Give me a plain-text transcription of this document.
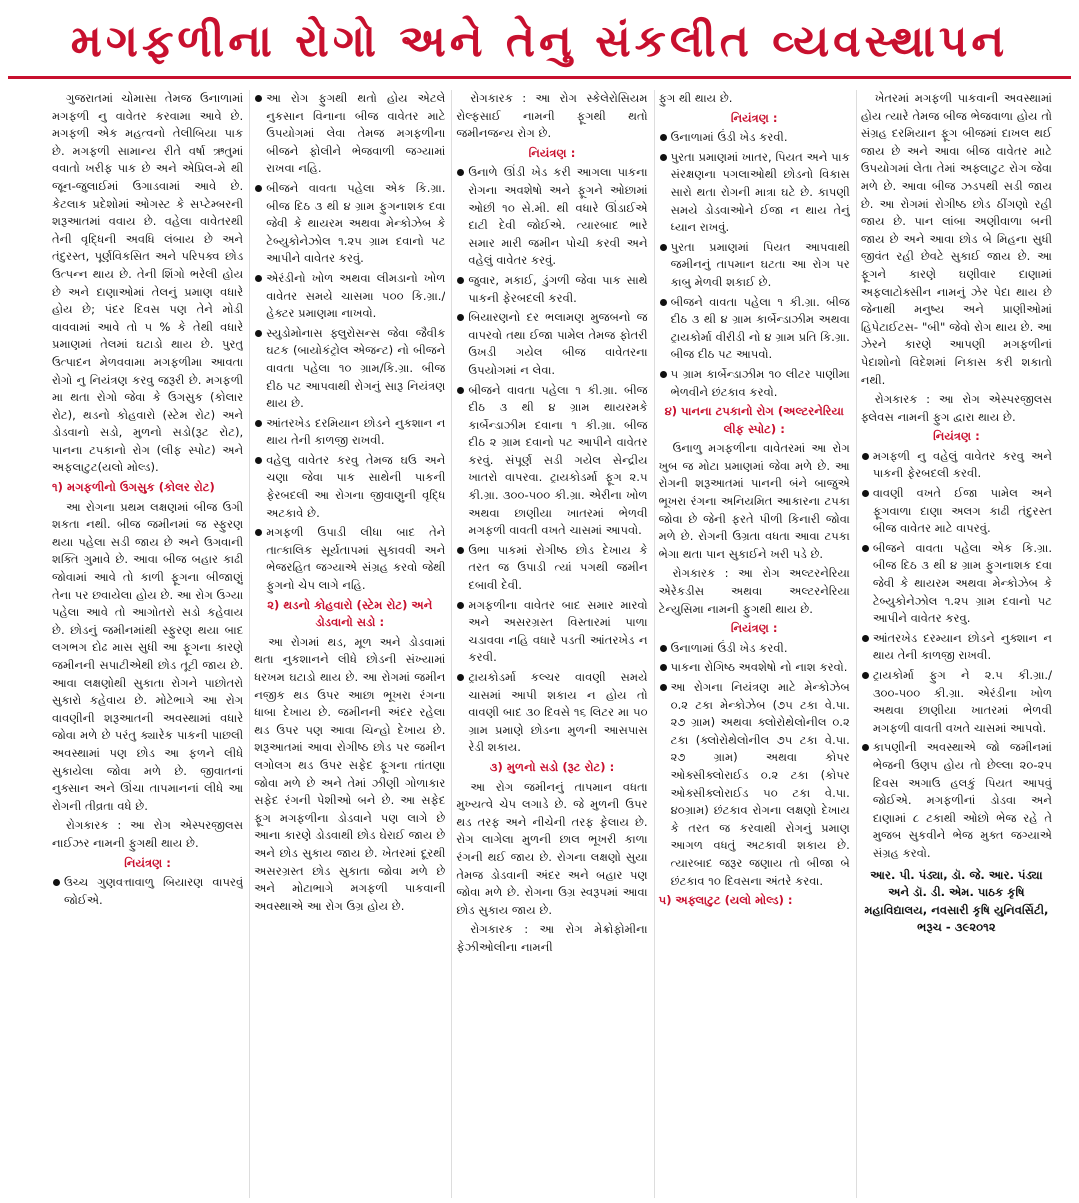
મગફળીના રોગો અને તેનુ સંકલીત વ્યવસ્થાપન

ગુજરાતમાં ચોમાસા તેમજ ઉનાળામાં મગફળી નુ વાવેતર કરવામા આવે છે. મગફળી એક મહત્વનો તેલીબિયા પાક છે. મગફળી સામાન્ય રીતે વર્ષા ઋતુમાં વવાતો ખરીફ પાક છે અને એપ્રિલ-મે થી જૂન-જુલાઈમાં ઉગાડવામાં આવે છે. કેટલાક પ્રદેશોમાં ઓગસ્ટ કે સપ્ટેમ્બરની શરૂઆતમાં વવાય છે. વહેલા વાવેતરથી તેની વૃદ્ધિની અવધિ લંબાય છે અને તંદુરસ્ત, પૂર્ણવિકસિત અને પરિપક્વ છોડ ઉત્પન્ન થાય છે. તેની શિંગો ભરેલી હોય છે અને દાણાઓમાં તેલનું પ્રમાણ વધારે હોય છે; પંદર દિવસ પણ તેને મોડી વાવવામાં આવે તો ૫ % કે તેથી વધારે પ્રમાણમાં તેલમાં ઘટાડો થાય છે. પુરતુ ઉત્પાદન મેળવવામા મગફળીમા આવતા રોગો નુ નિયંત્રણ કરવુ જરૂરી છે. મગફળી મા થતા રોગો જેવા કે ઉગસુક (કોલાર રોટ), થડનો કોહવારો (સ્ટેમ રોટ) અને ડોડવાનો સડો, મુળનો સડો(રૂટ રોટ), પાનના ટપકાનો રોગ (લીફ સ્પોટ) અને અફલાટુટ(યલો મોલ્ડ).

૧) મગફળીનો ઉગસુક (કોલર રોટ)

આ રોગના પ્રથમ લક્ષણમાં બીજ ઉગી શકતા નથી. બીજ જમીનમાં જ સ્ફુરણ થયા પહેલા સડી જાય છે અને ઉગવાની શક્તિ ગુમાવે છે. આવા બીજ બહાર કાઢી જોવામાં આવે તો કાળી ફૂગના બીજાણું તેના પર છવાયેલા હોય છે. આ રોગ ઉગ્યા પહેલા આવે તો આગોતરો સડો કહેવાય છે. છોડનું જમીનમાંથી સ્ફુરણ થયા બાદ લગભગ દોઢ માસ સુધી આ ફૂગના કારણે જમીનની સપાટીએથી છોડ તૂટી જાય છે. આવા લક્ષણોથી સુકાતા રોગને પાછોતરો સુકારો કહેવાય છે. મોટેભાગે આ રોગ વાવણીની શરૂઆતની અવસ્થામાં વધારે જોવા મળે છે પરંતુ ક્યારેક પાકની પાછલી અવસ્થામાં પણ છોડ આ ફળને લીધે સુકાયેલા જોવા મળે છે. જીવાતનાં નુક્સાન અને ઊંચા તાપમાનનાં લીધે આ રોગની તીવ્રતા વધે છે.

રોગકારક : આ રોગ એસ્પરજીલસ નાઈઝર નામની ફુગથી થાય છે.

નિયંત્રણ :
ઉચ્ચ ગુણવત્તાવાળુ બિયારણ વાપરવું જોઈએ.
આ રોગ ફુગથી થતો હોય એટલે નુકસાન વિનાના બીજ વાવેતર માટે ઉપયોગમાં લેવા તેમજ મગફળીના બીજને ફોલીને ભેજવાળી જગ્યામાં રાખવા નહિ.
બીજને વાવતા પહેલા એક કિ.ગ્રા. બીજ દિઠ ૩ થી ૪ ગ્રામ ફુગનાશક દવા જેવી કે થાયરમ અથવા મેન્કોઝેબ કે ટેબ્યુકોનેઝોલ ૧.૨૫ ગ્રામ દવાનો પટ આપીને વાવેતર કરવું.
એરંડીનો ખોળ અથવા લીમડાનો ખોળ વાવેતર સમયે ચાસમા ૫૦૦ કિ.ગ્રા./ હેક્ટર પ્રમાણમા નાખવો.
સ્યુડોમોનાસ ફ્લુરોસન્સ જેવા જૈવીક ઘટક (બાયોકંટ્રોલ એજન્ટ) નો બીજને વાવતા પહેલા ૧૦ ગ્રામ/કિ.ગ્રા. બીજ દીઠ પટ આપવાથી રોગનું સારૂ નિયંત્રણ થાય છે.
આંતરખેડ દરમિયાન છોડને નુકશાન ન થાય તેની કાળજી રાખવી.
વહેલુ વાવેતર કરવુ તેમજ ઘઉ અને ચણા જેવા પાક સાથેની પાકની ફેરબદલી આ રોગના જીવાણુની વૃદ્ધિ અટકાવે છે.
મગફળી ઉપાડી લીધા બાદ તેને તાત્કાલિક સૂર્યતાપમાં સુકાવવી અને ભેજરહિત જગ્યાએ સંગ્રહ કરવો જેથી ફુગનો ચેપ લાગે નહિ.
૨) થડનો કોહવારો (સ્ટેમ રોટ) અને ડોડવાનો સડો :

આ રોગમાં થડ, મૂળ અને ડોડવામાં થતા નુકશાનને લીધે છોડની સંખ્યામાં ધરખમ ઘટાડો થાય છે. આ રોગમાં જમીન નજીક થડ ઉપર આછા ભૂખરા રંગના ધાબા દેખાય છે. જમીનની અંદર રહેલા થડ ઉપર પણ આવા ચિન્હો દેખાય છે. શરૂઆતમાં આવા રોગીષ્ઠ છોડ પર જમીન લગોલગ થડ ઉપર સફેદ ફૂગના તાંતણા જોવા મળે છે અને તેમાં ઝીણી ગોળાકાર સફેદ રંગની પેશીઓ બને છે. આ સફેદ ફૂગ મગફળીના ડોડવાને પણ લાગે છે આના કારણે ડોડવાથી છોડ ઘેરાઈ જાય છે અને છોડ સુકાય જાય છે. ખેતરમાં દૂરથી અસરગ્રસ્ત છોડ સુકાતા જોવા મળે છે અને મોટાભાગે મગફળી પાકવાની અવસ્થાએ આ રોગ ઉગ્ર હોય છે.

રોગકારક : આ રોગ સ્કેલેરોસિયમ રોલ્ફસાઈ નામની ફૂગથી થતો જમીનજન્ય રોગ છે.

નિયંત્રણ :
ઉનાળે ઊંડી ખેડ કરી આગલા પાકના રોગના અવશેષો અને ફૂગને ઓછામાં ઓછી ૧૦ સે.મી. થી વધારે ઊંડાઈએ દાટી દેવી જોઈએ. ત્યારબાદ ભારે સમાર મારી જમીન પોચી કરવી અને વહેલું વાવેતર કરવું.
જુવાર, મકાઈ, ડુંગળી જેવા પાક સાથે પાકની ફેરબદલી કરવી.
બિયારણનો દર ભલામણ મુજબનો જ વાપરવો તથા ઈજા પામેલ તેમજ ફોતરી ઉખડી ગયેલ બીજ વાવેતરના ઉપયોગમાં ન લેવા.
બીજને વાવતા પહેલા ૧ કી.ગ્રા. બીજ દીઠ ૩ થી ૪ ગ્રામ થાયરમકે કાર્બેન્ડાઝીમ દવાના ૧ કી.ગ્રા. બીજ દીઠ ૨ ગ્રામ દવાનો પટ આપીને વાવેતર કરવું. સંપૂર્ણ સડી ગયેલ સેન્દ્રીય ખાતરો વાપરવા. ટ્રાયકોડર્મા ફૂગ ૨.૫ કી.ગ્રા. ૩૦૦-૫૦૦ કી.ગ્રા. એરીના ખોળ અથવા છાણીયા ખાતરમાં ભેળવી મગફળી વાવતી વખતે ચાસમાં આપવો.
ઉભા પાકમાં રોગીષ્ઠ છોડ દેખાય કે તરત જ ઉપાડી ત્યાં પગથી જમીન દબાવી દેવી.
મગફળીના વાવેતર બાદ સમાર મારવો અને અસરગ્રસ્ત વિસ્તારમાં પાળા ચડાવવા નહિ વધારે પડતી આંતરખેડ ન કરવી.
ટ્રાયકોડર્મા કલ્ચર વાવણી સમયે ચાસમાં આપી શકાય ન હોય તો વાવણી બાદ ૩૦ દિવસે ૧૬ લિટર મા ૫૦ ગ્રામ પ્રમાણે છોડના મુળની આસપાસ રેડી શકાય.
૩) મુળનો સડો (રૂટ રોટ) :

આ રોગ જમીનનું તાપમાન વધતા મુખ્યત્વે ચેપ લગાડે છે. જે મુળની ઉપર થડ તરફ અને નીચેની તરફ ફેલાય છે. રોગ લાગેલા મુળની છાલ ભૂખરી કાળા રંગની થઈ જાય છે. રોગના લક્ષણો સુયા તેમજ ડોડવાની અંદર અને બહાર પણ જોવા મળે છે. રોગના ઉગ્ર સ્વરૂપમાં આવા છોડ સુકાય જાય છે.

રોગકારક : આ રોગ મેક્રોફોમીના ફેઝીઓલીના નામની

ફુગ થી થાય છે.

નિયંત્રણ :
ઉનાળામાં ઉંડી ખેડ કરવી.
પુરતા પ્રમાણમાં ખાતર, પિયત અને પાક સંરક્ષણના પગલાઓથી છોડનો વિકાસ સારો થતા રોગની માત્રા ઘટે છે. કાપણી સમયે ડોડવાઓને ઈજા ન થાય તેનું ધ્યાન રાખવું.
પુરતા પ્રમાણમાં પિયત આપવાથી જમીનનું તાપમાન ઘટતા આ રોગ પર કાબુ મેળવી શકાઈ છે.
બીજને વાવતા પહેલા ૧ કી.ગ્રા. બીજ દીઠ ૩ થી ૪ ગ્રામ કાર્બેન્ડાઝીમ અથવા ટ્રાયકોર્મા વીરીડી નો ૪ ગ્રામ પ્રતિ કિ.ગ્રા. બીજ દીઠ પટ આપવો.
૫ ગ્રામ કાર્બેન્ડાઝીમ ૧૦ લીટર પાણીમા ભેળવીને છંટકાવ કરવો.
૪) પાનના ટપકાનો રોગ (અલ્ટરનેરિયા લીફ સ્પોટ) :

ઉનાળુ મગફળીના વાવેતરમાં આ રોગ ખુબ જ મોટા પ્રમાણમાં જેવા મળે છે. આ રોગની શરૂઆતમાં પાનની બંને બાજુએ ભૂખરા રંગના અનિયમિત આકારના ટપકા જોવા છે જેની ફરતે પીળી કિનારી જોવા મળે છે. રોગની ઉગ્રતા વધતા આવા ટપકા ભેગા થતા પાન સુકાઈને ખરી પડે છે.

રોગકારક : આ રોગ અલ્ટરનેરિયા એરેકડીસ અથવા અલ્ટરનેરિયા ટેન્યુસિમા નામની ફુગથી થાય છે.

નિયંત્રણ :
ઉનાળામાં ઉંડી ખેડ કરવી.
પાકના રોગિષ્ઠ અવશેષો નો નાશ કરવો.
આ રોગના નિયંત્રણ માટે મેન્કોઝેબ ૦.૨ ટકા મેન્કોઝેબ (૭૫ ટકા વે.પા. ૨૭ ગ્રામ) અથવા ક્લોરોથેલોનીલ ૦.૨ ટકા (ક્લોરોથેલોનીલ ૭૫ ટકા વે.પા. ૨૭ ગ્રામ) અથવા કોપર ઓક્સીક્લોરાઈડ ૦.૨ ટકા (કોપર ઓક્સીક્લોરાઈડ ૫૦ ટકા વે.પા. ૪૦ગ્રામ) છંટકાવ રોગના લક્ષણો દેખાય કે તરત જ કરવાથી રોગનું પ્રમાણ આગળ વધતું અટકાવી શકાય છે. ત્યારબાદ જરૂર જણાય તો બીજા બે છંટકાવ ૧૦ દિવસના અંતરે કરવા.
૫) અફ્લાટુટ (યલો મોલ્ડ) :

ખેતરમાં મગફળી પાકવાની અવસ્થામાં હોય ત્યારે તેમજ બીજ ભેજવાળા હોય તો સંગ્રહ દરમિયાન ફૂગ બીજમાં દાખલ થઈ જાય છે અને આવા બીજ વાવેતર માટે ઉપયોગમાં લેતા તેમાં અફ્લાટુટ રોગ જેવા મળે છે. આવા બીજ ઝડપથી સડી જાય છે. આ રોગમાં રોગીષ્ઠ છોડ ઠીંગણો રહી જાય છે. પાન લાંબા અણીવાળા બની જાય છે અને આવા છોડ બે મિહના સુધી જીવંત રહી છેવટે સુકાઈ જાય છે. આ ફૂગને કારણે ઘણીવાર દાણામાં અફલાટોક્સીન નામનું ઝેર પેદા થાય છે જેનાથી મનુષ્ય અને પ્રાણીઓમાં હિપેટાઈટસ- "બી" જેવો રોગ થાય છે. આ ઝેરને કારણે આપણી મગફળીનાં પેદાશોનો વિદેશમાં નિકાસ કરી શકાતો નથી.

રોગકારક : આ રોગ એસ્પરજીલસ ફ્લેવસ નામની ફુગ દ્વારા થાય છે.

નિયંત્રણ :
મગફળી નુ વહેલું વાવેતર કરવુ અને પાકની ફેરબદલી કરવી.
વાવણી વખતે ઈજા પામેલ અને ફૂગવાળા દાણા અલગ કાઢી તંદુરસ્ત બીજ વાવેતર માટે વાપરવું.
બીજને વાવતા પહેલા એક કિ.ગ્રા. બીજ દિઠ ૩ થી ૪ ગ્રામ ફુગનાશક દવા જેવી કે થાયરમ અથવા મેન્કોઝેબ કે ટેબ્યુકોનેઝોલ ૧.૨૫ ગ્રામ દવાનો પટ આપીને વાવેતર કરવુ.
આંતરખેડ દરમ્યાન છોડને નુક્શાન ન થાય તેની કાળજી રાખવી.
ટ્રાયકોર્મા ફુગ ને ૨.૫ કી.ગ્રા./ ૩૦૦-૫૦૦ કી.ગ્રા. એરંડીના ખોળ અથવા છાણીયા ખાતરમાં ભેળવી મગફળી વાવતી વખતે ચાસમાં આપવો.
કાપણીની અવસ્થાએ જો જમીનમાં ભેજની ઉણપ હોય તો છેલ્લા ૨૦-૨૫ દિવસ અગાઉ હલકું પિયત આપવું જોઈએ. મગફળીનાં ડોડવા અને દાણામાં ૮ ટકાથી ઓછો ભેજ રહે તે મુજબ સુકવીને ભેજ મુક્ત જગ્યાએ સંગ્રહ કરવો.
આર. પી. પંડ્યા, ડૉ. જે. આર. પંડ્યા અને ડૉ. ડી. એમ. પાઠક કૃષિ મહાવિદ્યાલય, નવસારી કૃષિ યુનિવર્સિટી, ભરૂચ - ૩૯૨૦૧૨
